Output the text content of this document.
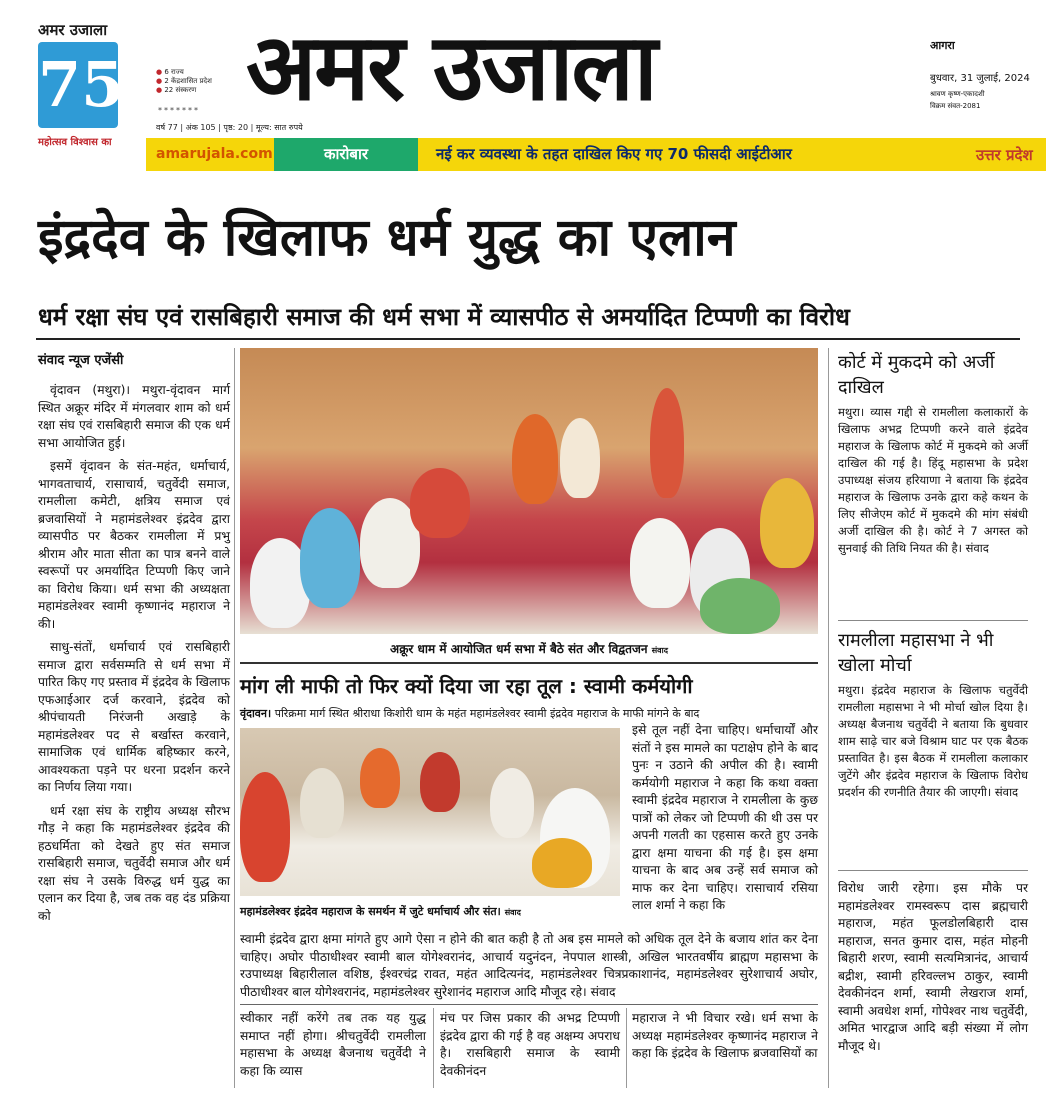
अमर उजाला
75
महोत्सव विश्वास का
● 6 राज्य
● 2 केंद्रशासित प्रदेश
● 22 संस्करण
*******
वर्ष 77 | अंक 105 | पृष्ठ: 20 | मूल्य: सात रुपये
अमर उजाला	आगरा
बुधवार, 31 जुलाई, 2024
श्रावण कृष्ण-एकादशी
विक्रम संवत-2081
amarujala.com	कारोबार	नई कर व्यवस्था के तहत दाखिल किए गए 70 फीसदी आईटीआर	उत्तर प्रदेश
इंद्रदेव के खिलाफ धर्म युद्ध का एलान
धर्म रक्षा संघ एवं रासबिहारी समाज की धर्म सभा में व्यासपीठ से अमर्यादित टिप्पणी का विरोध
संवाद न्यूज एजेंसी

वृंदावन (मथुरा)। मथुरा-वृंदावन मार्ग स्थित अक्रूर मंदिर में मंगलवार शाम को धर्म रक्षा संघ एवं रासबिहारी समाज की एक धर्म सभा आयोजित हुई।

इसमें वृंदावन के संत-महंत, धर्माचार्य, भागवताचार्य, रासाचार्य, चतुर्वेदी समाज, रामलीला कमेटी, क्षत्रिय समाज एवं ब्रजवासियों ने महामंडलेश्वर इंद्रदेव द्वारा व्यासपीठ पर बैठकर रामलीला में प्रभु श्रीराम और माता सीता का पात्र बनने वाले स्वरूपों पर अमर्यादित टिप्पणी किए जाने का विरोध किया। धर्म सभा की अध्यक्षता महामंडलेश्वर स्वामी कृष्णानंद महाराज ने की।

साधु-संतों, धर्माचार्य एवं रासबिहारी समाज द्वारा सर्वसम्मति से धर्म सभा में पारित किए गए प्रस्ताव में इंद्रदेव के खिलाफ एफआईआर दर्ज करवाने, इंद्रदेव को श्रीपंचायती निरंजनी अखाड़े के महामंडलेश्वर पद से बर्खास्त करवाने, सामाजिक एवं धार्मिक बहिष्कार करने, आवश्यकता पड़ने पर धरना प्रदर्शन करने का निर्णय लिया गया।

धर्म रक्षा संघ के राष्ट्रीय अध्यक्ष सौरभ गौड़ ने कहा कि महामंडलेश्वर इंद्रदेव की हठधर्मिता को देखते हुए संत समाज रासबिहारी समाज, चतुर्वेदी समाज और धर्म रक्षा संघ ने उसके विरुद्ध धर्म युद्ध का एलान कर दिया है, जब तक वह दंड प्रक्रिया को

अक्रूर धाम में आयोजित धर्म सभा में बैठे संत और विद्वतजन संवाद
मांग ली माफी तो फिर क्यों दिया जा रहा तूल : स्वामी कर्मयोगी
वृंदावन। परिक्रमा मार्ग स्थित श्रीराधा किशोरी धाम के महंत महामंडलेश्वर स्वामी इंद्रदेव महाराज के माफी मांगने के बाद
महामंडलेश्वर इंद्रदेव महाराज के समर्थन में जुटे धर्माचार्य और संत। संवाद
इसे तूल नहीं देना चाहिए। धर्माचार्यों और संतों ने इस मामले का पटाक्षेप होने के बाद पुनः न उठाने की अपील की है। स्वामी कर्मयोगी महाराज ने कहा कि कथा वक्ता स्वामी इंद्रदेव महाराज ने रामलीला के कुछ पात्रों को लेकर जो टिप्पणी की थी उस पर अपनी गलती का एहसास करते हुए उनके द्वारा क्षमा याचना की गई है। इस क्षमा याचना के बाद अब उन्हें सर्व समाज को माफ कर देना चाहिए। रासाचार्य रसिया लाल शर्मा ने कहा कि
स्वामी इंद्रदेव द्वारा क्षमा मांगते हुए आगे ऐसा न होने की बात कही है तो अब इस मामले को अधिक तूल देने के बजाय शांत कर देना चाहिए। अघोर पीठाधीश्वर स्वामी बाल योगेश्वरानंद, आचार्य यदुनंदन, नेपपाल शास्त्री, अखिल भारतवर्षीय ब्राह्मण महासभा के रउपाध्यक्ष बिहारीलाल वशिष्ठ, ईश्वरचंद्र रावत, महंत आदित्यनंद, महामंडलेश्वर चित्रप्रकाशानंद, महामंडलेश्वर सुरेशाचार्य अघोर, पीठाधीश्वर बाल योगेश्वरानंद, महामंडलेश्वर सुरेशानंद महाराज आदि मौजूद रहे। संवाद
स्वीकार नहीं करेंगे तब तक यह युद्ध समाप्त नहीं होगा। श्रीचतुर्वेदी रामलीला महासभा के अध्यक्ष बैजनाथ चतुर्वेदी ने कहा कि व्यास
मंच पर जिस प्रकार की अभद्र टिप्पणी इंद्रदेव द्वारा की गई है वह अक्षम्य अपराध है। रासबिहारी समाज के स्वामी देवकीनंदन
महाराज ने भी विचार रखे। धर्म सभा के अध्यक्ष महामंडलेश्वर कृष्णानंद महाराज ने कहा कि इंद्रदेव के खिलाफ ब्रजवासियों का
कोर्ट में मुकदमे को अर्जी दाखिल
मथुरा। व्यास गद्दी से रामलीला कलाकारों के खिलाफ अभद्र टिप्पणी करने वाले इंद्रदेव महाराज के खिलाफ कोर्ट में मुकदमे को अर्जी दाखिल की गई है। हिंदू महासभा के प्रदेश उपाध्यक्ष संजय हरियाणा ने बताया कि इंद्रदेव महाराज के खिलाफ उनके द्वारा कहे कथन के लिए सीजेएम कोर्ट में मुकदमे की मांग संबंधी अर्जी दाखिल की है। कोर्ट ने 7 अगस्त को सुनवाई की तिथि नियत की है। संवाद
रामलीला महासभा ने भी खोला मोर्चा
मथुरा। इंद्रदेव महाराज के खिलाफ चतुर्वेदी रामलीला महासभा ने भी मोर्चा खोल दिया है। अध्यक्ष बैजनाथ चतुर्वेदी ने बताया कि बुधवार शाम साढ़े चार बजे विश्राम घाट पर एक बैठक प्रस्तावित है। इस बैठक में रामलीला कलाकार जुटेंगे और इंद्रदेव महाराज के खिलाफ विरोध प्रदर्शन की रणनीति तैयार की जाएगी। संवाद
विरोध जारी रहेगा। इस मौके पर महामंडलेश्वर रामस्वरूप दास ब्रह्मचारी महाराज, महंत फूलडोलबिहारी दास महाराज, सनत कुमार दास, महंत मोहनी बिहारी शरण, स्वामी सत्यमित्रानंद, आचार्य बद्रीश, स्वामी हरिवल्लभ ठाकुर, स्वामी देवकीनंदन शर्मा, स्वामी लेखराज शर्मा, स्वामी अवधेश शर्मा, गोपेश्वर नाथ चतुर्वेदी, अमित भारद्वाज आदि बड़ी संख्या में लोग मौजूद थे।
